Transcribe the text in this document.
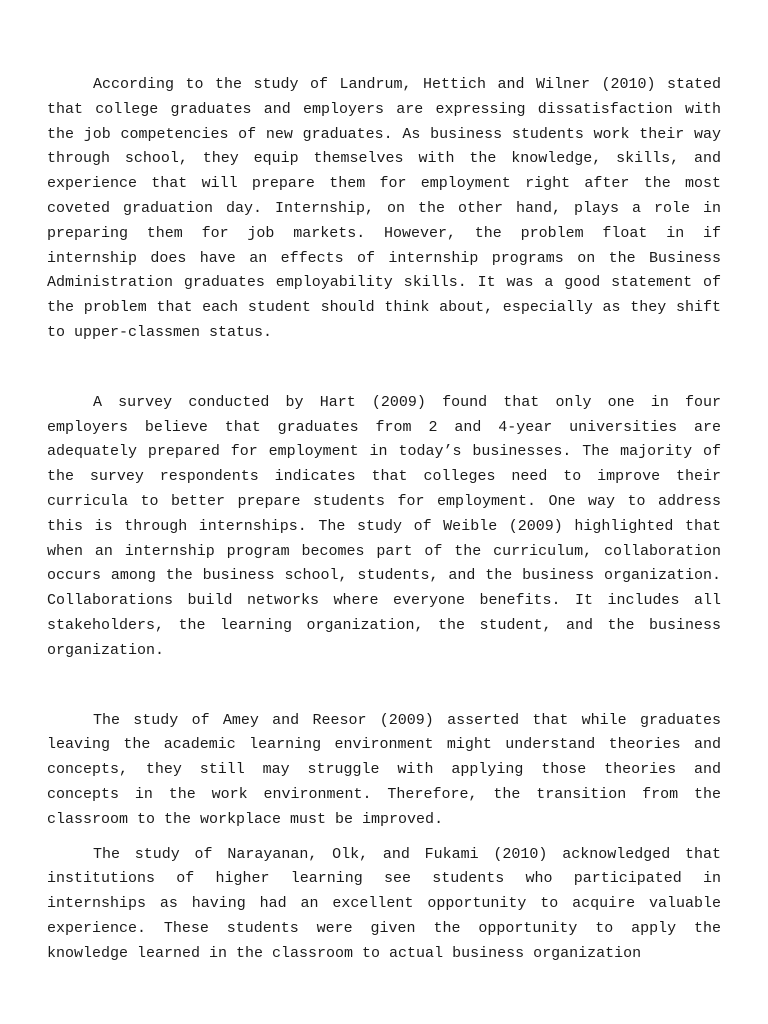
According to the study of Landrum, Hettich and Wilner (2010) stated that college graduates and employers are expressing dissatisfaction with the job competencies of new graduates. As business students work their way through school, they equip themselves with the knowledge, skills, and experience that will prepare them for employment right after the most coveted graduation day. Internship, on the other hand, plays a role in preparing them for job markets. However, the problem float in if internship does have an effects of internship programs on the Business Administration graduates employability skills. It was a good statement of the problem that each student should think about, especially as they shift to upper-classmen status.

A survey conducted by Hart (2009) found that only one in four employers believe that graduates from 2 and 4-year universities are adequately prepared for employment in today’s businesses. The majority of the survey respondents indicates that colleges need to improve their curricula to better prepare students for employment. One way to address this is through internships. The study of Weible (2009) highlighted that when an internship program becomes part of the curriculum, collaboration occurs among the business school, students, and the business organization. Collaborations build networks where everyone benefits. It includes all stakeholders, the learning organization, the student, and the business organization.

The study of Amey and Reesor (2009) asserted that while graduates leaving the academic learning environment might understand theories and concepts, they still may struggle with applying those theories and concepts in the work environment. Therefore, the transition from the classroom to the workplace must be improved.

The study of Narayanan, Olk, and Fukami (2010) acknowledged that institutions of higher learning see students who participated in internships as having had an excellent opportunity to acquire valuable experience. These students were given the opportunity to apply the knowledge learned in the classroom to actual business organization
